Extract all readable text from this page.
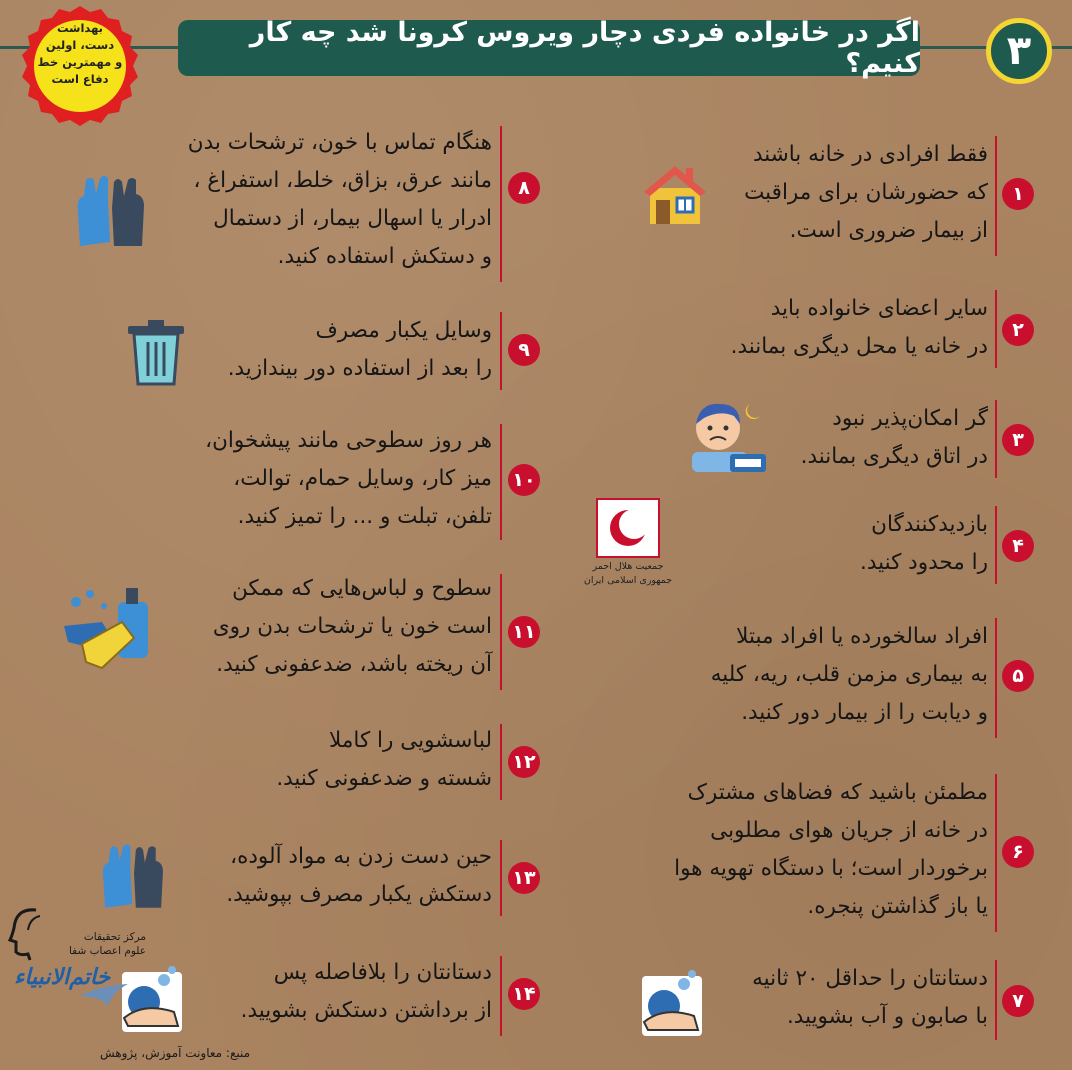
بهداشت
دست، اولین
و مهمترین خط
دفاع است
اگر در خانواده فردی دچار ویروس کرونا شد چه کار کنیم؟ ۳
۱
فقط افرادی در خانه باشند
که حضورشان برای مراقبت
از بیمار ضروری است.
۲
سایر اعضای خانواده باید
در خانه یا محل دیگری بمانند.
۳
گر امکان‌پذیر نبود
در اتاق دیگری بمانند.
۴
بازدیدکنندگان
را محدود کنید.
۵
افراد سالخورده یا افراد مبتلا
به بیماری مزمن قلب، ریه، کلیه
و دیابت را از بیمار دور کنید.
۶
مطمئن باشید که فضاهای مشترک
در خانه از جریان هوای مطلوبی
برخوردار است؛ با دستگاه تهویه هوا
یا باز گذاشتن پنجره.
۷
دستانتان را حداقل ۲۰ ثانیه
با صابون و آب بشویید.
۸
هنگام تماس با خون، ترشحات بدن
مانند عرق، بزاق، خلط، استفراغ ،
ادرار یا اسهال بیمار، از دستمال
و دستکش استفاده کنید.
۹
وسایل یکبار مصرف
را بعد از استفاده دور بیندازید.
۱۰
هر روز سطوحی مانند پیشخوان،
میز کار، وسایل حمام، توالت،
تلفن، تبلت و ... را تمیز کنید.
۱۱
سطوح و لباس‌هایی که ممکن
است خون یا ترشحات بدن روی
آن ریخته باشد، ضدعفونی کنید.
۱۲
لباسشویی را کاملا
شسته و ضدعفونی کنید.
۱۳
حین دست زدن به مواد آلوده،
دستکش یکبار مصرف بپوشید.
۱۴
دستانتان را بلافاصله پس
از برداشتن دستکش بشویید.
جمعیت هلال احمر
جمهوری اسلامی ایران
مرکز تحقیقات
علوم اعصاب شفا
خاتم‌الانبیاء
منبع: معاونت آموزش، پژوهش
